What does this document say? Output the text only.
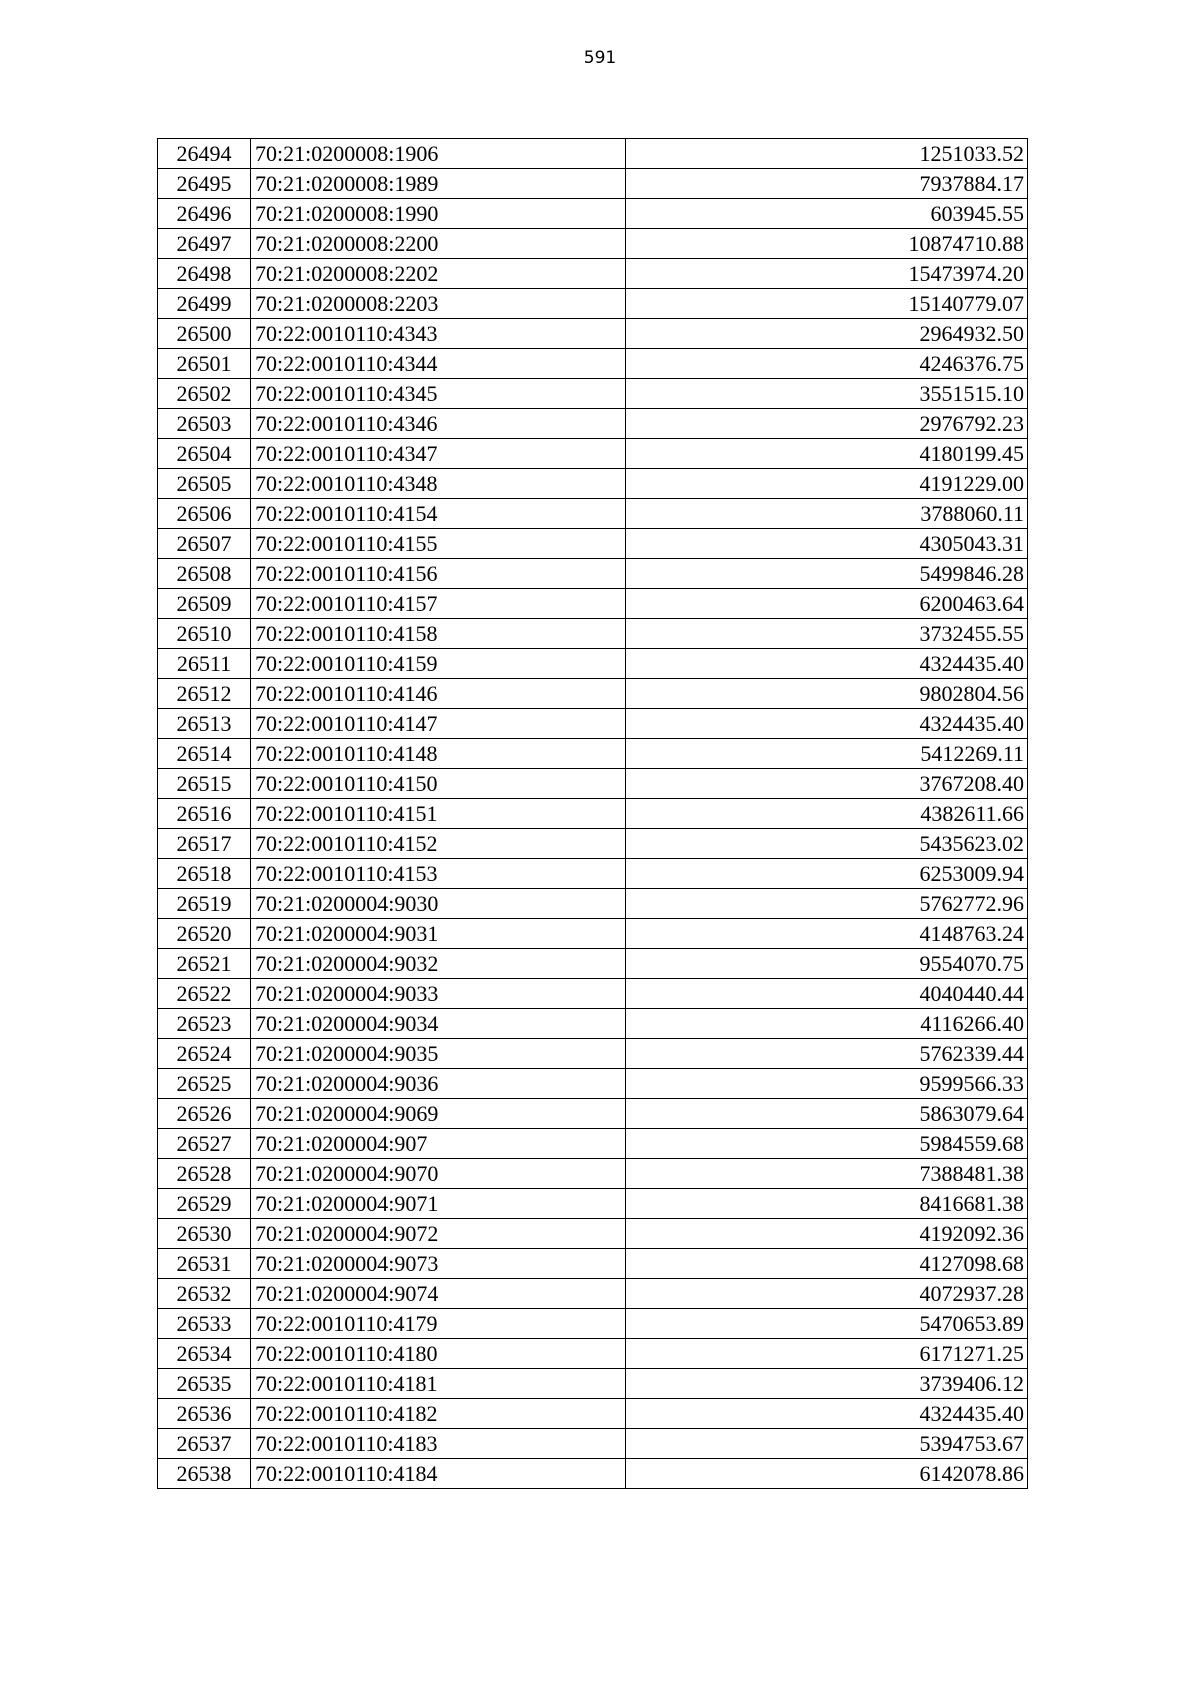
591
26494	70:21:0200008:1906	1251033.52
26495	70:21:0200008:1989	7937884.17
26496	70:21:0200008:1990	603945.55
26497	70:21:0200008:2200	10874710.88
26498	70:21:0200008:2202	15473974.20
26499	70:21:0200008:2203	15140779.07
26500	70:22:0010110:4343	2964932.50
26501	70:22:0010110:4344	4246376.75
26502	70:22:0010110:4345	3551515.10
26503	70:22:0010110:4346	2976792.23
26504	70:22:0010110:4347	4180199.45
26505	70:22:0010110:4348	4191229.00
26506	70:22:0010110:4154	3788060.11
26507	70:22:0010110:4155	4305043.31
26508	70:22:0010110:4156	5499846.28
26509	70:22:0010110:4157	6200463.64
26510	70:22:0010110:4158	3732455.55
26511	70:22:0010110:4159	4324435.40
26512	70:22:0010110:4146	9802804.56
26513	70:22:0010110:4147	4324435.40
26514	70:22:0010110:4148	5412269.11
26515	70:22:0010110:4150	3767208.40
26516	70:22:0010110:4151	4382611.66
26517	70:22:0010110:4152	5435623.02
26518	70:22:0010110:4153	6253009.94
26519	70:21:0200004:9030	5762772.96
26520	70:21:0200004:9031	4148763.24
26521	70:21:0200004:9032	9554070.75
26522	70:21:0200004:9033	4040440.44
26523	70:21:0200004:9034	4116266.40
26524	70:21:0200004:9035	5762339.44
26525	70:21:0200004:9036	9599566.33
26526	70:21:0200004:9069	5863079.64
26527	70:21:0200004:907	5984559.68
26528	70:21:0200004:9070	7388481.38
26529	70:21:0200004:9071	8416681.38
26530	70:21:0200004:9072	4192092.36
26531	70:21:0200004:9073	4127098.68
26532	70:21:0200004:9074	4072937.28
26533	70:22:0010110:4179	5470653.89
26534	70:22:0010110:4180	6171271.25
26535	70:22:0010110:4181	3739406.12
26536	70:22:0010110:4182	4324435.40
26537	70:22:0010110:4183	5394753.67
26538	70:22:0010110:4184	6142078.86
